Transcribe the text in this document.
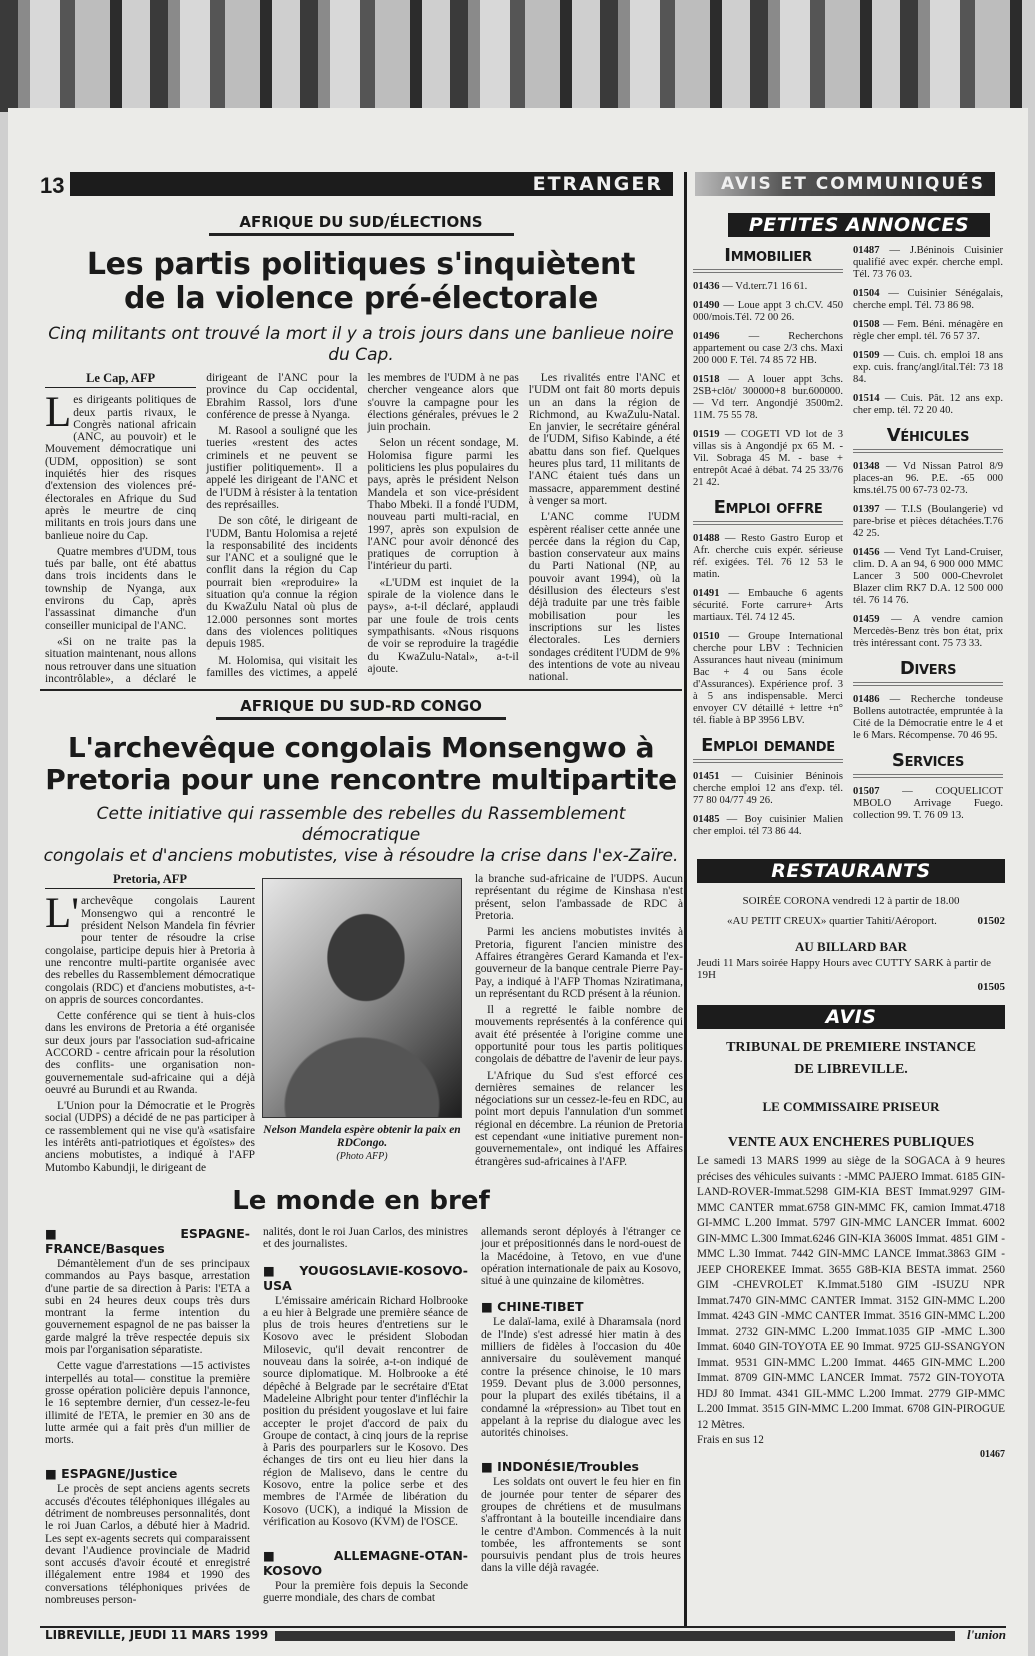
13	ETRANGER	AVIS ET COMMUNIQUÉS
AFRIQUE DU SUD/ÉLECTIONS
Les partis politiques s'inquiètent
de la violence pré-électorale
Cinq militants ont trouvé la mort il y a trois jours dans une banlieue noire du Cap.
Le Cap, AFP

Les dirigeants politiques de deux partis rivaux, le Congrès national africain (ANC, au pouvoir) et le Mouvement démocratique uni (UDM, opposition) se sont inquiétés hier des risques d'extension des violences pré-électorales en Afrique du Sud après le meurtre de cinq militants en trois jours dans une banlieue noire du Cap.

Quatre membres d'UDM, tous tués par balle, ont été abattus dans trois incidents dans le township de Nyanga, aux environs du Cap, après l'assassinat dimanche d'un conseiller municipal de l'ANC.

«Si on ne traite pas la situation maintenant, nous allons nous retrouver dans une situation incontrôlable», a déclaré le dirigeant de l'ANC pour la province du Cap occidental, Ebrahim Rassol, lors d'une conférence de presse à Nyanga.

M. Rasool a souligné que les tueries «restent des actes criminels et ne peuvent se justifier politiquement». Il a appelé les dirigeant de l'ANC et de l'UDM à résister à la tentation des représailles.

De son côté, le dirigeant de l'UDM, Bantu Holomisa a rejeté la responsabilité des incidents sur l'ANC et a souligné que le conflit dans la région du Cap pourrait bien «reproduire» la situation qu'a connue la région du KwaZulu Natal où plus de 12.000 personnes sont mortes dans des violences politiques depuis 1985.

M. Holomisa, qui visitait les familles des victimes, a appelé les membres de l'UDM à ne pas chercher vengeance alors que s'ouvre la campagne pour les élections générales, prévues le 2 juin prochain.

Selon un récent sondage, M. Holomisa figure parmi les politiciens les plus populaires du pays, après le président Nelson Mandela et son vice-président Thabo Mbeki. Il a fondé l'UDM, nouveau parti multi-racial, en 1997, après son expulsion de l'ANC pour avoir dénoncé des pratiques de corruption à l'intérieur du parti.

«L'UDM est inquiet de la spirale de la violence dans le pays», a-t-il déclaré, applaudi par une foule de trois cents sympathisants. «Nous risquons de voir se reproduire la tragédie du KwaZulu-Natal», a-t-il ajoute.

Les rivalités entre l'ANC et l'UDM ont fait 80 morts depuis un an dans la région de Richmond, au KwaZulu-Natal. En janvier, le secrétaire général de l'UDM, Sifiso Kabinde, a été abattu dans son fief. Quelques heures plus tard, 11 militants de l'ANC étaient tués dans un massacre, apparemment destiné à venger sa mort.

L'ANC comme l'UDM espèrent réaliser cette année une percée dans la région du Cap, bastion conservateur aux mains du Parti National (NP, au pouvoir avant 1994), où la désillusion des électeurs s'est déjà traduite par une très faible mobilisation pour les inscriptions sur les listes électorales. Les derniers sondages créditent l'UDM de 9% des intentions de vote au niveau national.

AFRIQUE DU SUD-RD CONGO
L'archevêque congolais Monsengwo à
Pretoria pour une rencontre multipartite
Cette initiative qui rassemble des rebelles du Rassemblement démocratique
congolais et d'anciens mobutistes, vise à résoudre la crise dans l'ex-Zaïre.
Pretoria, AFP

L'archevêque congolais Laurent Monsengwo qui a rencontré le président Nelson Mandela fin février pour tenter de résoudre la crise congolaise, participe depuis hier à Pretoria à une rencontre multi-partite organisée avec des rebelles du Rassemblement démocratique congolais (RDC) et d'anciens mobutistes, a-t-on appris de sources concordantes.

Cette conférence qui se tient à huis-clos dans les environs de Pretoria a été organisée sur deux jours par l'association sud-africaine ACCORD - centre africain pour la résolution des conflits- une organisation non-gouvernementale sud-africaine qui a déjà oeuvré au Burundi et au Rwanda.

L'Union pour la Démocratie et le Progrès social (UDPS) a décidé de ne pas participer à ce rassemblement qui ne vise qu'à «satisfaire les intérêts anti-patriotiques et égoïstes» des anciens mobutistes, a indiqué à l'AFP Mutombo Kabundji, le dirigeant de

Nelson Mandela espère obtenir la paix en RDCongo.
(Photo AFP)

la branche sud-africaine de l'UDPS. Aucun représentant du régime de Kinshasa n'est présent, selon l'ambassade de RDC à Pretoria.

Parmi les anciens mobutistes invités à Pretoria, figurent l'ancien ministre des Affaires étrangères Gerard Kamanda et l'ex-gouverneur de la banque centrale Pierre Pay-Pay, a indiqué à l'AFP Thomas Nziratimana, un représentant du RCD présent à la réunion.

Il a regretté le faible nombre de mouvements représentés à la conférence qui avait été présentée à l'origine comme une opportunité pour tous les partis politiques congolais de débattre de l'avenir de leur pays.

L'Afrique du Sud s'est efforcé ces dernières semaines de relancer les négociations sur un cessez-le-feu en RDC, au point mort depuis l'annulation d'un sommet régional en décembre. La réunion de Pretoria est cependant «une initiative purement non-gouvernementale», ont indiqué les Affaires étrangères sud-africaines à l'AFP.

Le monde en bref
■ ESPAGNE-FRANCE/Basques

Démantèlement d'un de ses principaux commandos au Pays basque, arrestation d'une partie de sa direction à Paris: l'ETA a subi en 24 heures deux coups très durs montrant la ferme intention du gouvernement espagnol de ne pas baisser la garde malgré la trêve respectée depuis six mois par l'organisation séparatiste.

Cette vague d'arrestations —15 activistes interpellés au total— constitue la première grosse opération policière depuis l'annonce, le 16 septembre dernier, d'un cessez-le-feu illimité de l'ETA, le premier en 30 ans de lutte armée qui a fait près d'un millier de morts.

■ ESPAGNE/Justice

Le procès de sept anciens agents secrets accusés d'écoutes téléphoniques illégales au détriment de nombreuses personnalités, dont le roi Juan Carlos, a débuté hier à Madrid. Les sept ex-agents secrets qui comparaissent devant l'Audience provinciale de Madrid sont accusés d'avoir écouté et enregistré illégalement entre 1984 et 1990 des conversations téléphoniques privées de nombreuses person-

nalités, dont le roi Juan Carlos, des ministres et des journalistes.

■ YOUGOSLAVIE-KOSOVO-USA

L'émissaire américain Richard Holbrooke a eu hier à Belgrade une première séance de plus de trois heures d'entretiens sur le Kosovo avec le président Slobodan Milosevic, qu'il devait rencontrer de nouveau dans la soirée, a-t-on indiqué de source diplomatique. M. Holbrooke a été dépêché à Belgrade par le secrétaire d'Etat Madeleine Albright pour tenter d'infléchir la position du président yougoslave et lui faire accepter le projet d'accord de paix du Groupe de contact, à cinq jours de la reprise à Paris des pourparlers sur le Kosovo. Des échanges de tirs ont eu lieu hier dans la région de Malisevo, dans le centre du Kosovo, entre la police serbe et des membres de l'Armée de libération du Kosovo (UCK), a indiqué la Mission de vérification au Kosovo (KVM) de l'OSCE.

■ ALLEMAGNE-OTAN-KOSOVO

Pour la première fois depuis la Seconde guerre mondiale, des chars de combat

allemands seront déployés à l'étranger ce jour et prépositionnés dans le nord-ouest de la Macédoine, à Tetovo, en vue d'une opération internationale de paix au Kosovo, situé à une quinzaine de kilomètres.

■ CHINE-TIBET

Le dalaï-lama, exilé à Dharamsala (nord de l'Inde) s'est adressé hier matin à des milliers de fidèles à l'occasion du 40e anniversaire du soulèvement manqué contre la présence chinoise, le 10 mars 1959. Devant plus de 3.000 personnes, pour la plupart des exilés tibétains, il a condamné la «répression» au Tibet tout en appelant à la reprise du dialogue avec les autorités chinoises.

■ INDONÉSIE/Troubles

Les soldats ont ouvert le feu hier en fin de journée pour tenter de séparer des groupes de chrétiens et de musulmans s'affrontant à la bouteille incendiaire dans le centre d'Ambon. Commencés à la nuit tombée, les affrontements se sont poursuivis pendant plus de trois heures dans la ville déjà ravagée.

PETITES ANNONCES
Immobilier
01436 — Vd.terr.71 16 61.
01490 — Loue appt 3 ch.CV. 450 000/mois.Tél. 72 00 26.
01496 — Recherchons appartement ou case 2/3 chs. Maxi 200 000 F. Tél. 74 85 72 HB.
01518 — A louer appt 3chs. 2SB+clôt/ 300000+8 bur.600000.— Vd terr. Angondjé 3500m2. 11M. 75 55 78.
01519 — COGETI VD lot de 3 villas sis à Angondjé px 65 M. -Vil. Sobraga 45 M. - base + entrepôt Acaé à débat. 74 25 33/76 21 42.
Emploi offre
01488 — Resto Gastro Europ et Afr. cherche cuis expér. sérieuse réf. exigées. Tél. 76 12 53 le matin.
01491 — Embauche 6 agents sécurité. Forte carrure+ Arts martiaux. Tél. 74 12 45.
01510 — Groupe International cherche pour LBV : Technicien Assurances haut niveau (minimum Bac + 4 ou 5ans école d'Assurances). Expérience prof. 3 à 5 ans indispensable. Merci envoyer CV détaillé + lettre +n° tél. fiable à BP 3956 LBV.
Emploi demande
01451 — Cuisinier Béninois cherche emploi 12 ans d'exp. tél. 77 80 04/77 49 26.
01485 — Boy cuisinier Malien cher emploi. tél 73 86 44.
01487 — J.Béninois Cuisinier qualifié avec expér. cherche empl. Tél. 73 76 03.
01504 — Cuisinier Sénégalais, cherche empl. Tél. 73 86 98.
01508 — Fem. Béni. ménagère en règle cher empl. tél. 76 57 37.
01509 — Cuis. ch. emploi 18 ans exp. cuis. franç/angl/ital.Tél: 73 18 84.
01514 — Cuis. Pât. 12 ans exp. cher emp. tél. 72 20 40.
Véhicules
01348 — Vd Nissan Patrol 8/9 places-an 96. P.E. -65 000 kms.tél.75 00 67-73 02-73.
01397 — T.I.S (Boulangerie) vd pare-brise et pièces détachées.T.76 42 25.
01456 — Vend Tyt Land-Cruiser, clim. D. A an 94, 6 900 000 MMC Lancer 3 500 000-Chevrolet Blazer clim RK7 D.A. 12 500 000 tél. 76 14 76.
01459 — A vendre camion Mercedès-Benz très bon état, prix très intéressant cont. 75 73 33.
Divers
01486 — Recherche tondeuse Bollens autotractée, empruntée à la Cité de la Démocratie entre le 4 et le 6 Mars. Récompense. 70 46 95.
Services
01507 — COQUELICOT MBOLO Arrivage Fuego. collection 99. T. 76 09 13.
RESTAURANTS
SOIRÉE CORONA vendredi 12 à partir de 18.00
«AU PETIT CREUX» quartier Tahiti/Aéroport.	01502
AU BILLARD BAR
Jeudi 11 Mars soirée Happy Hours avec CUTTY SARK à partir de 19H
01505
AVIS
TRIBUNAL DE PREMIERE INSTANCE
DE LIBREVILLE.
LE COMMISSAIRE PRISEUR
VENTE AUX ENCHERES PUBLIQUES
Le samedi 13 MARS 1999 au siège de la SOGACA à 9 heures précises des véhicules suivants : -MMC PAJERO Immat. 6185 GIN-LAND-ROVER-Immat.5298 GIM-KIA BEST Immat.9297 GIM-MMC CANTER mmat.6758 GIN-MMC FK, camion Immat.4718 GI-MMC L.200 Immat. 5797 GIN-MMC LANCER Immat. 6002 GIN-MMC L.300 Immat.6246 GIN-KIA 3600S Immat. 4851 GIM -MMC L.30 Immat. 7442 GIN-MMC LANCE Immat.3863 GIM -JEEP CHOREKEE Immat. 3655 G8B-KIA BESTA immat. 2560 GIM -CHEVROLET K.Immat.5180 GIM -ISUZU NPR Immat.7470 GIN-MMC CANTER Immat. 3152 GIN-MMC L.200 Immat. 4243 GIN -MMC CANTER Immat. 3516 GIN-MMC L.200 Immat. 2732 GIN-MMC L.200 Immat.1035 GIP -MMC L.300 Immat. 6040 GIN-TOYOTA EE 90 Immat. 9725 GIJ-SSANGYON Immat. 9531 GIN-MMC L.200 Immat. 4465 GIN-MMC L.200 Immat. 8709 GIN-MMC LANCER Immat. 7572 GIN-TOYOTA HDJ 80 Immat. 4341 GIL-MMC L.200 Immat. 2779 GIP-MMC L.200 Immat. 3515 GIN-MMC L.200 Immat. 6708 GIN-PIROGUE 12 Mètres.
Frais en sus 12
01467
LIBREVILLE, JEUDI 11 MARS 1999	l'union
